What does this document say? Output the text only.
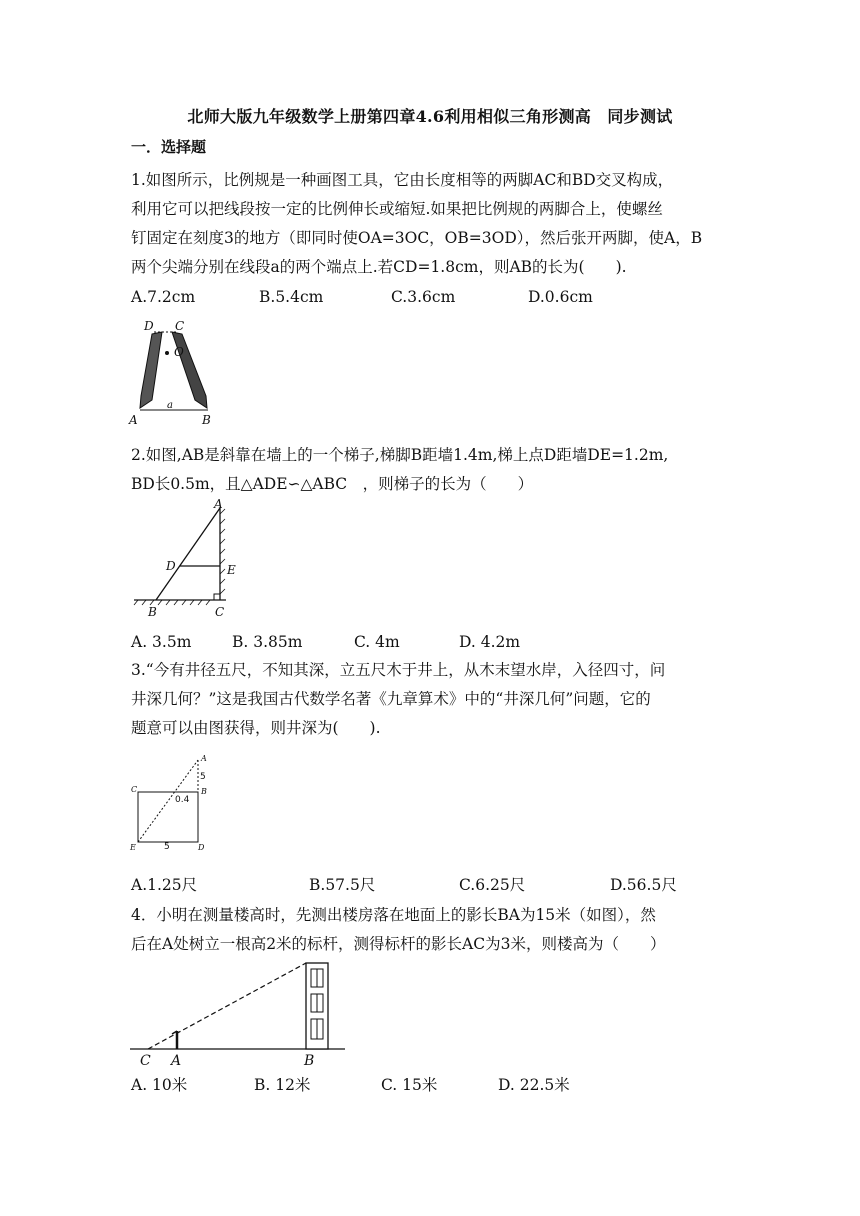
北师大版九年级数学上册第四章4.6利用相似三角形测高　同步测试
一．选择题
1.如图所示，比例规是一种画图工具，它由长度相等的两脚AC和BD交叉构成，
利用它可以把线段按一定的比例伸长或缩短.如果把比例规的两脚合上，使螺丝
钉固定在刻度3的地方（即同时使OA=3OC，OB=3OD），然后张开两脚，使A，B
两个尖端分别在线段a的两个端点上.若CD=1.8cm，则AB的长为(　　).
A.7.2cm	B.5.4cm	C.3.6cm	D.0.6cm
D C
O
A	B
a
2.如图,AB是斜靠在墙上的一个梯子,梯脚B距墙1.4m,梯上点D距墙DE=1.2m,
BD长0.5m，且△ADE∽△ABC　，则梯子的长为（　　）
A
D	E
B	C
A. 3.5m	B. 3.85m	C. 4m	D. 4.2m
3.“今有井径五尺，不知其深，立五尺木于井上，从木末望水岸，入径四寸，问
井深几何？”这是我国古代数学名著《九章算术》中的“井深几何”问题，它的
题意可以由图获得，则井深为(　　).
A
B
C
D
E
5
0.4
5
A.1.25尺	B.57.5尺	C.6.25尺	D.56.5尺
4．小明在测量楼高时，先测出楼房落在地面上的影长BA为15米（如图），然
后在A处树立一根高2米的标杆，测得标杆的影长AC为3米，则楼高为（　　）
C A	B
A. 10米	B. 12米	C. 15米	D. 22.5米
